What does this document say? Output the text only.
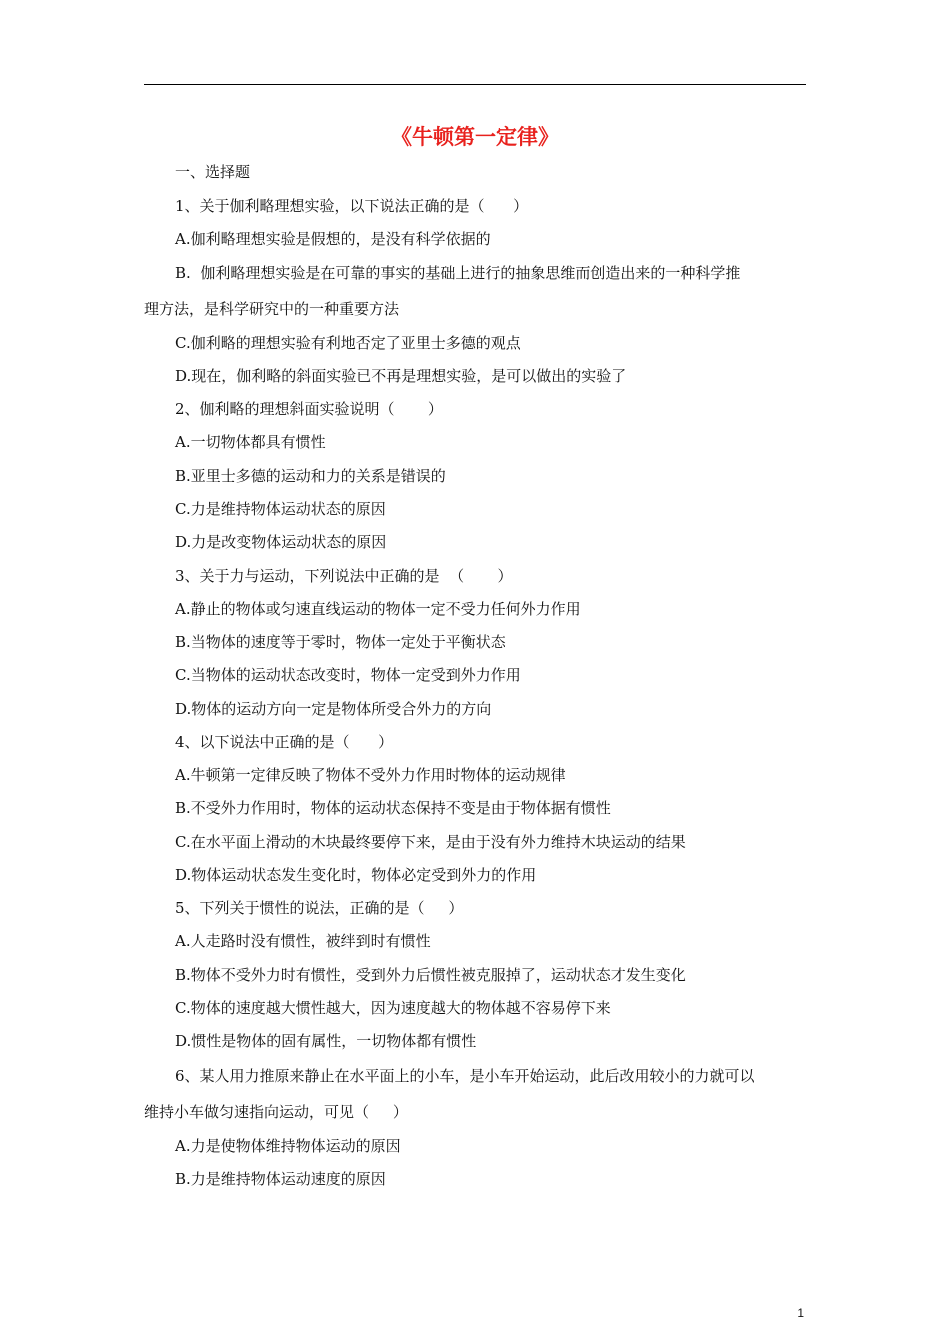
《牛顿第一定律》
一、选择题
1、关于伽利略理想实验，以下说法正确的是（      ）
A.伽利略理想实验是假想的，是没有科学依据的
B.  伽利略理想实验是在可靠的事实的基础上进行的抽象思维而创造出来的一种科学推
理方法，是科学研究中的一种重要方法
C.伽利略的理想实验有利地否定了亚里士多德的观点
D.现在，伽利略的斜面实验已不再是理想实验，是可以做出的实验了
2、伽利略的理想斜面实验说明（       ）
A.一切物体都具有惯性
B.亚里士多德的运动和力的关系是错误的
C.力是维持物体运动状态的原因
D.力是改变物体运动状态的原因
3、关于力与运动，下列说法中正确的是  （       ）
A.静止的物体或匀速直线运动的物体一定不受力任何外力作用
B.当物体的速度等于零时，物体一定处于平衡状态
C.当物体的运动状态改变时，物体一定受到外力作用
D.物体的运动方向一定是物体所受合外力的方向
4、以下说法中正确的是（      ）
A.牛顿第一定律反映了物体不受外力作用时物体的运动规律
B.不受外力作用时，物体的运动状态保持不变是由于物体据有惯性
C.在水平面上滑动的木块最终要停下来，是由于没有外力维持木块运动的结果
D.物体运动状态发生变化时，物体必定受到外力的作用
5、下列关于惯性的说法，正确的是（     ）
A.人走路时没有惯性，被绊到时有惯性
B.物体不受外力时有惯性，受到外力后惯性被克服掉了，运动状态才发生变化
C.物体的速度越大惯性越大，因为速度越大的物体越不容易停下来
D.惯性是物体的固有属性，一切物体都有惯性
6、某人用力推原来静止在水平面上的小车，是小车开始运动，此后改用较小的力就可以
维持小车做匀速指向运动，可见（     ）
A.力是使物体维持物体运动的原因
B.力是维持物体运动速度的原因
1
